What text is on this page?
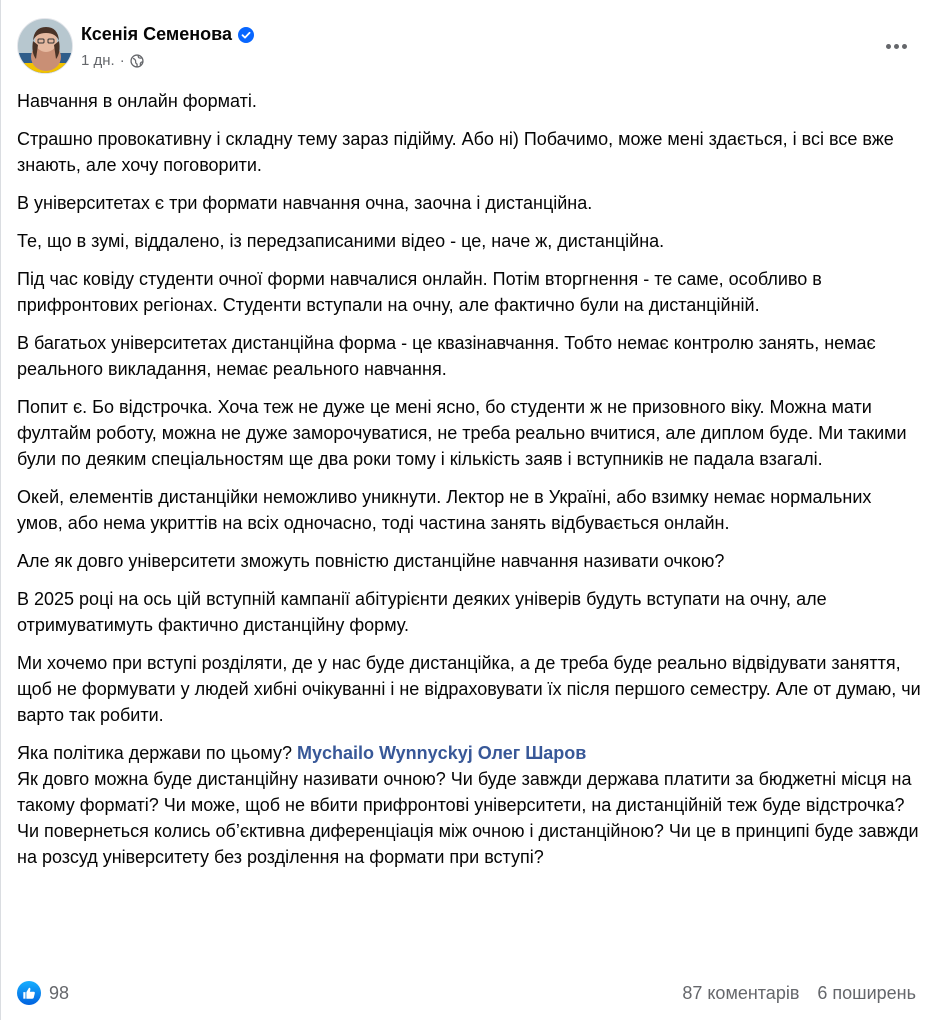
Ксенія Семенова
1 дн. ·

Навчання в онлайн форматі.

Страшно провокативну і складну тему зараз підійму. Або ні) Побачимо, може мені здається, і всі все вже знають, але хочу поговорити.

В університетах є три формати навчання очна, заочна і дистанційна.

Те, що в зумі, віддалено, із передзаписаними відео - це, наче ж, дистанційна.

Під час ковіду студенти очної форми навчалися онлайн. Потім вторгнення - те саме, особливо в прифронтових регіонах. Студенти вступали на очну, але фактично були на дистанційній.

В багатьох університетах дистанційна форма - це квазінавчання. Тобто немає контролю занять, немає реального викладання, немає реального навчання.

Попит є. Бо відстрочка. Хоча теж не дуже це мені ясно, бо студенти ж не призовного віку. Можна мати фултайм роботу, можна не дуже заморочуватися, не треба реально вчитися, але диплом буде. Ми такими були по деяким спеціальностям ще два роки тому і кількість заяв і вступників не падала взагалі.

Окей, елементів дистанційки неможливо уникнути. Лектор не в Україні, або взимку немає нормальних умов, або нема укриттів на всіх одночасно, тоді частина занять відбувається онлайн.

Але як довго університети зможуть повністю дистанційне навчання називати очкою?

В 2025 році на ось цій вступній кампанії абітурієнти деяких універів будуть вступати на очну, але отримуватимуть фактично дистанційну форму.

Ми хочемо при вступі розділяти, де у нас буде дистанційка, а де треба буде реально відвідувати заняття, щоб не формувати у людей хибні очікуванні і не відраховувати їх після першого семестру. Але от думаю, чи варто так робити.

Яка політика держави по цьому? Mychailo Wynnyckyj Олег Шаров

Як довго можна буде дистанційну називати очною? Чи буде завжди держава платити за бюджетні місця на такому форматі? Чи може, щоб не вбити прифронтові університети, на дистанційній теж буде відстрочка? Чи повернеться колись об’єктивна диференціація між очною і дистанційною? Чи це в принципі буде завжди на розсуд університету без розділення на формати при вступі?

98	87 коментарів 6 поширень
